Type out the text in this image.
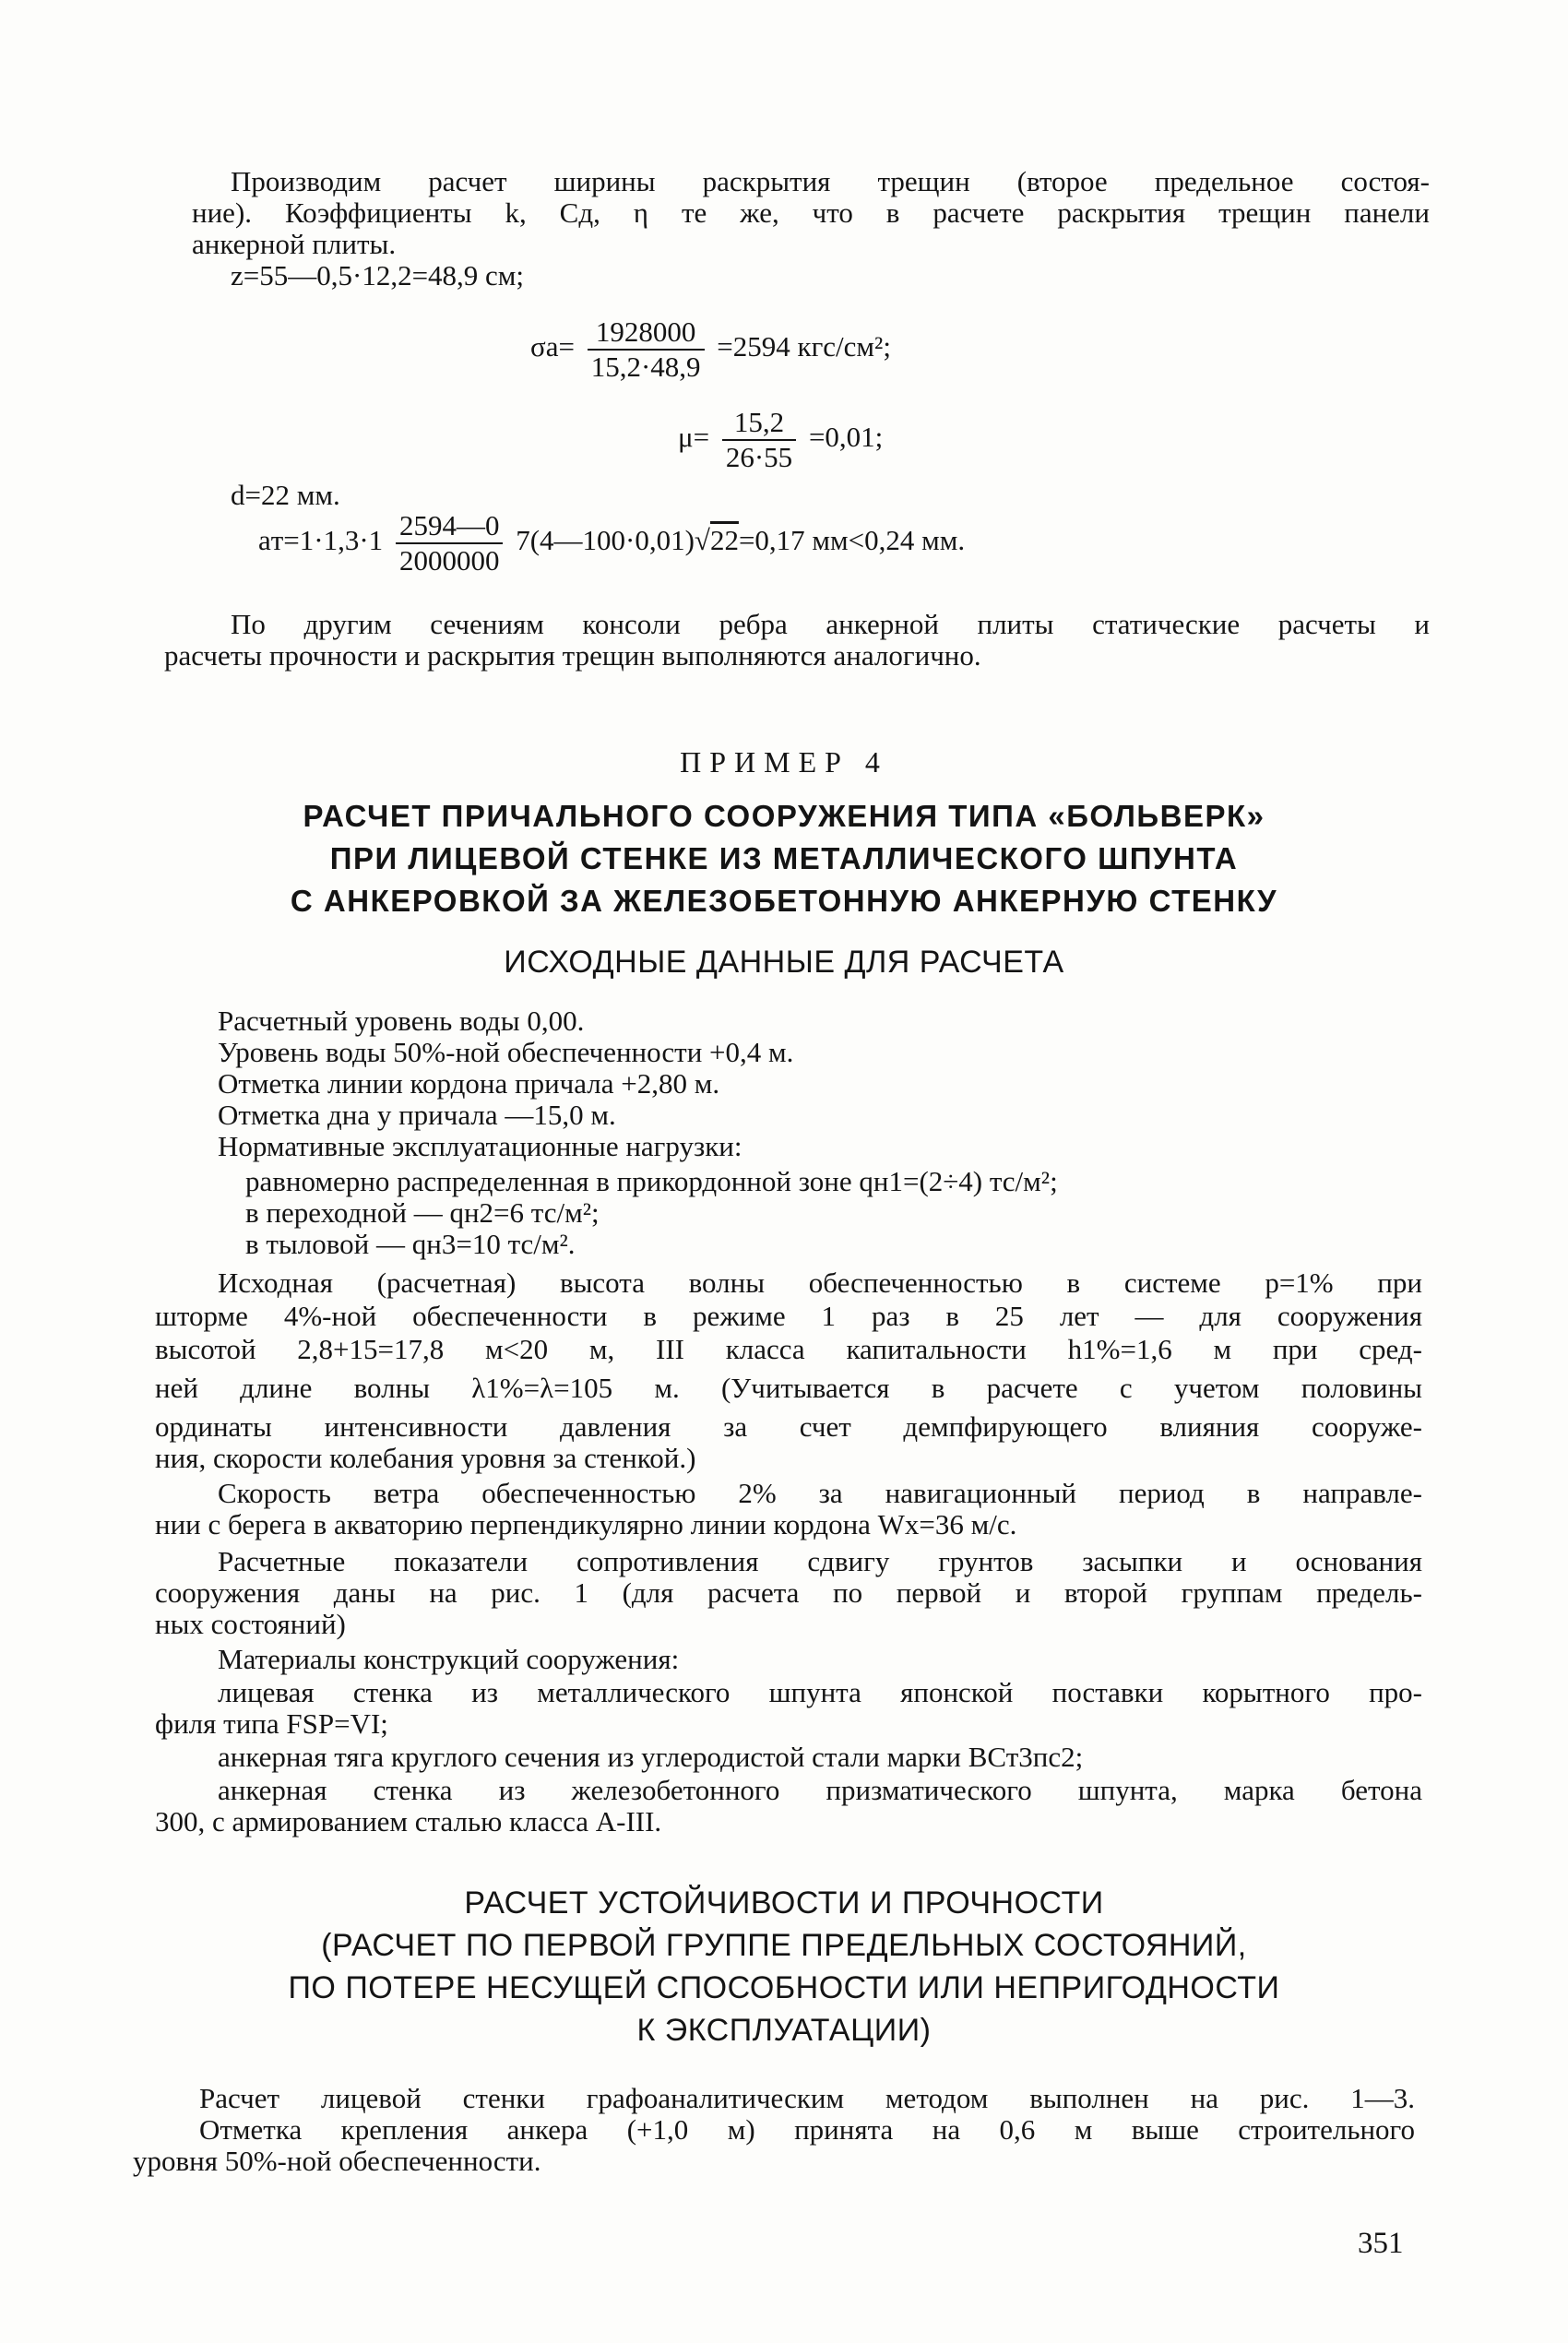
Производим расчет ширины раскрытия трещин (второе предельное состоя-
ние). Коэффициенты k, Cд, η те же, что в расчете раскрытия трещин панели
анкерной плиты.
z=55—0,5·12,2=48,9 см;
$\sigma а= \frac{1928000}{15,2\cdot 48,9} =2594$ кгс/см²;
$\mu= \frac{15,2}{26\cdot 55} =0,01$;
d=22 мм.
$aт=1\cdot 1,3\cdot 1 \frac{2594—0}{2000000}$ 7(4—100·0,01)√22=0,17 мм<0,24 мм.
По другим сечениям консоли ребра анкерной плиты статические расчеты и
расчеты прочности и раскрытия трещин выполняются аналогично.
ПРИМЕР 4
РАСЧЕТ ПРИЧАЛЬНОГО СООРУЖЕНИЯ ТИПА «БОЛЬВЕРК»
ПРИ ЛИЦЕВОЙ СТЕНКЕ ИЗ МЕТАЛЛИЧЕСКОГО ШПУНТА
С АНКЕРОВКОЙ ЗА ЖЕЛЕЗОБЕТОННУЮ АНКЕРНУЮ СТЕНКУ
ИСХОДНЫЕ ДАННЫЕ ДЛЯ РАСЧЕТА
Расчетный уровень воды 0,00.
Уровень воды 50%-ной обеспеченности +0,4 м.
Отметка линии кордона причала +2,80 м.
Отметка дна у причала —15,0 м.
Нормативные эксплуатационные нагрузки:
равномерно распределенная в прикордонной зоне qн1=(2÷4) тс/м²;
в переходной — qн2=6 тс/м²;
в тыловой — qн3=10 тс/м².
Исходная (расчетная) высота волны обеспеченностью в системе p=1% при
шторме 4%-ной обеспеченности в режиме 1 раз в 25 лет — для сооружения
высотой 2,8+15=17,8 м<20 м, III класса капитальности h1%=1,6 м при сред-
ней длине волны λ1%=λ=105 м. (Учитывается в расчете с учетом половины
ординаты интенсивности давления за счет демпфирующего влияния сооруже-
ния, скорости колебания уровня за стенкой.)
Скорость ветра обеспеченностью 2% за навигационный период в направле-
нии с берега в акваторию перпендикулярно линии кордона Wx=36 м/с.
Расчетные показатели сопротивления сдвигу грунтов засыпки и основания
сооружения даны на рис. 1 (для расчета по первой и второй группам предель-
ных состояний)
Материалы конструкций сооружения:
лицевая стенка из металлического шпунта японской поставки корытного про-
филя типа FSP=VI;
анкерная тяга круглого сечения из углеродистой стали марки ВСт3пс2;
анкерная стенка из железобетонного призматического шпунта, марка бетона
300, с армированием сталью класса А-III.
РАСЧЕТ УСТОЙЧИВОСТИ И ПРОЧНОСТИ
(РАСЧЕТ ПО ПЕРВОЙ ГРУППЕ ПРЕДЕЛЬНЫХ СОСТОЯНИЙ,
ПО ПОТЕРЕ НЕСУЩЕЙ СПОСОБНОСТИ ИЛИ НЕПРИГОДНОСТИ
К ЭКСПЛУАТАЦИИ)
Расчет лицевой стенки графоаналитическим методом выполнен на рис. 1—3.
Отметка крепления анкера (+1,0 м) принята на 0,6 м выше строительного
уровня 50%-ной обеспеченности.
351
